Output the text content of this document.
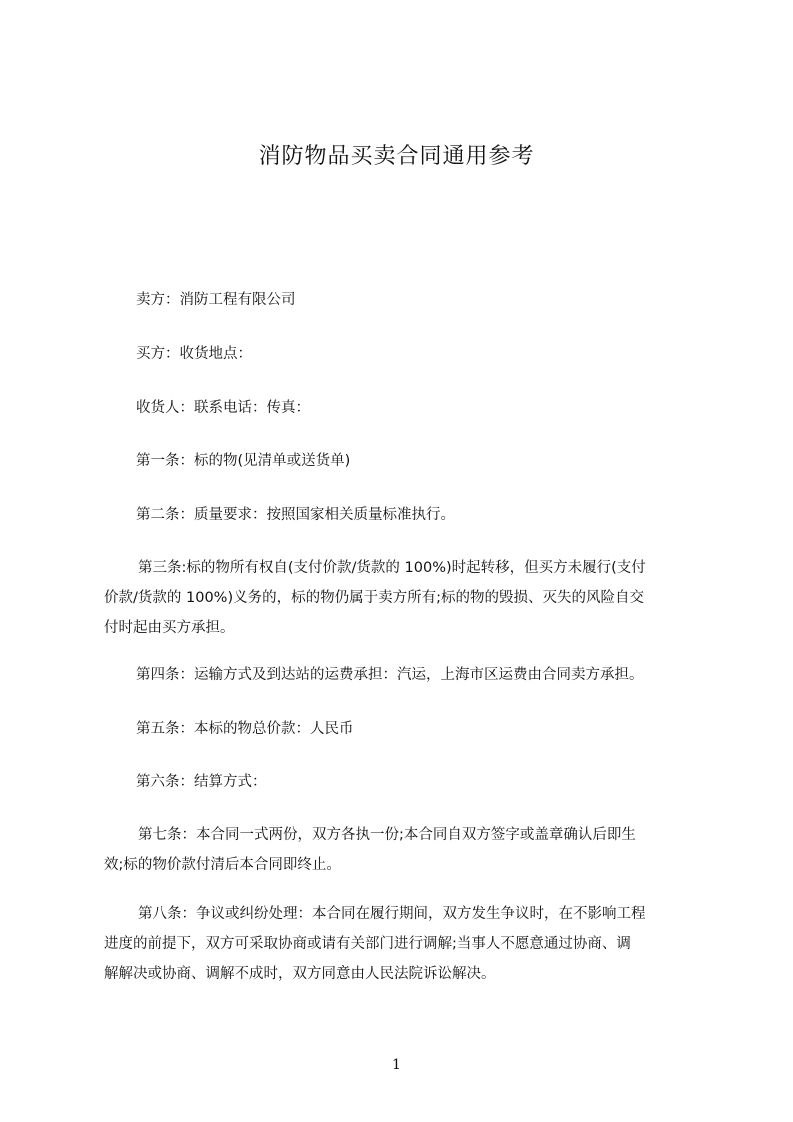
消防物品买卖合同通用参考
卖方：消防工程有限公司
买方：收货地点：
收货人：联系电话：传真：
第一条：标的物(见清单或送货单)
第二条：质量要求：按照国家相关质量标准执行。
第三条:标的物所有权自(支付价款/货款的 100%)时起转移，但买方未履行(支付
价款/货款的 100%)义务的，标的物仍属于卖方所有;标的物的毁损、灭失的风险自交
付时起由买方承担。
第四条：运输方式及到达站的运费承担：汽运，上海市区运费由合同卖方承担。
第五条：本标的物总价款：人民币
第六条：结算方式：
第七条：本合同一式两份，双方各执一份;本合同自双方签字或盖章确认后即生
效;标的物价款付清后本合同即终止。
第八条：争议或纠纷处理：本合同在履行期间，双方发生争议时，在不影响工程
进度的前提下，双方可采取协商或请有关部门进行调解;当事人不愿意通过协商、调
解解决或协商、调解不成时，双方同意由人民法院诉讼解决。
1
